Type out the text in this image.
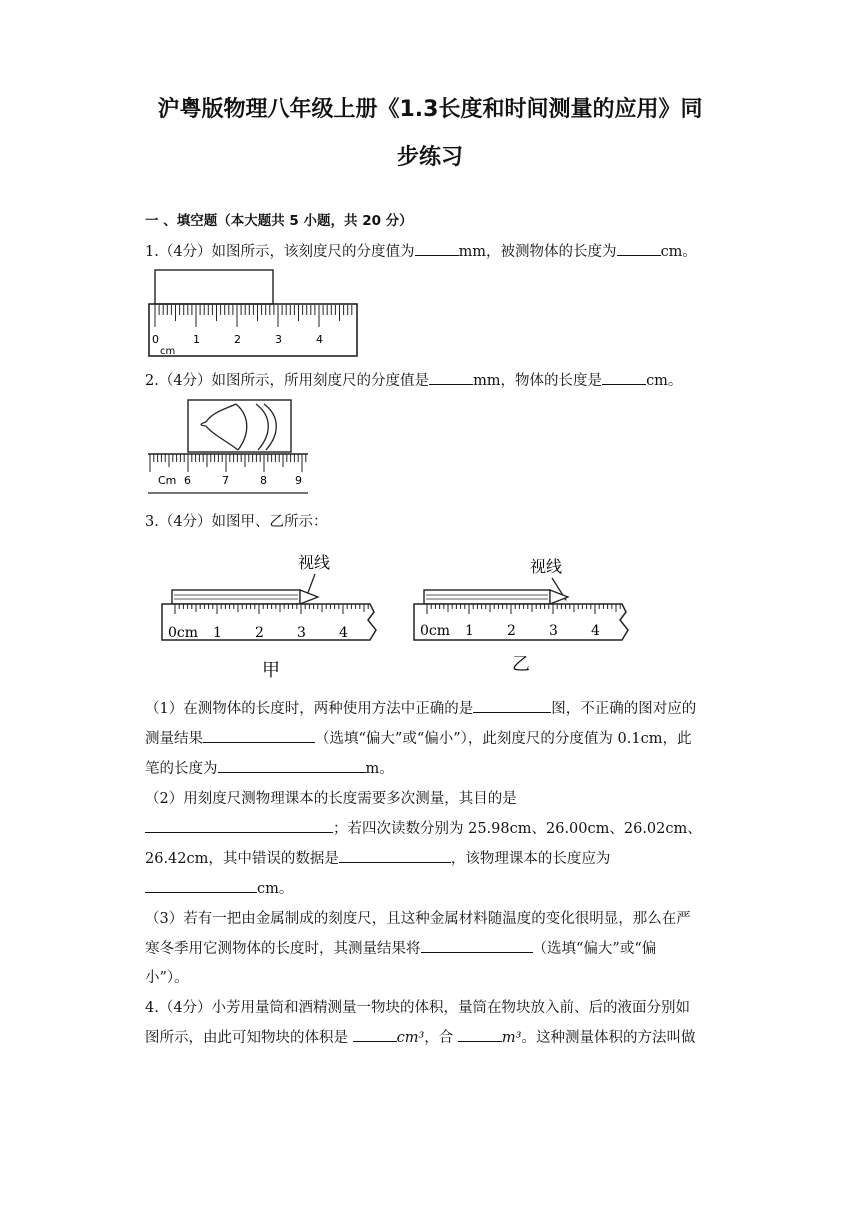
沪粤版物理八年级上册《1.3长度和时间测量的应用》同
步练习
一 、填空题（本大题共 5 小题，共 20 分）
1.（4分）如图所示，该刻度尺的分度值为	mm，被测物体的长度为	cm。
0	1	2	3	4
cm
2.（4分）如图所示，所用刻度尺的分度值是	mm，物体的长度是	cm。
Cm 6	7	8	9
3.（4分）如图甲、乙所示：
视线
0cm 1 2 3 4
甲
视线
0cm 1 2 3 4
乙
（1）在测物体的长度时，两种使用方法中正确的是	图，不正确的图对应的
测量结果	（选填“偏大”或“偏小”），此刻度尺的分度值为 0.1cm，此
笔的长度为	m。
（2）用刻度尺测物理课本的长度需要多次测量，其目的是
；若四次读数分别为 25.98cm、26.00cm、26.02cm、
26.42cm，其中错误的数据是	，该物理课本的长度应为
cm。
（3）若有一把由金属制成的刻度尺，且这种金属材料随温度的变化很明显，那么在严
寒冬季用它测物体的长度时，其测量结果将	（选填“偏大”或“偏
小”）。
4.（4分）小芳用量筒和酒精测量一物块的体积，量筒在物块放入前、后的液面分别如
图所示，由此可知物块的体积是	cm³，合	m³。这种测量体积的方法叫做
